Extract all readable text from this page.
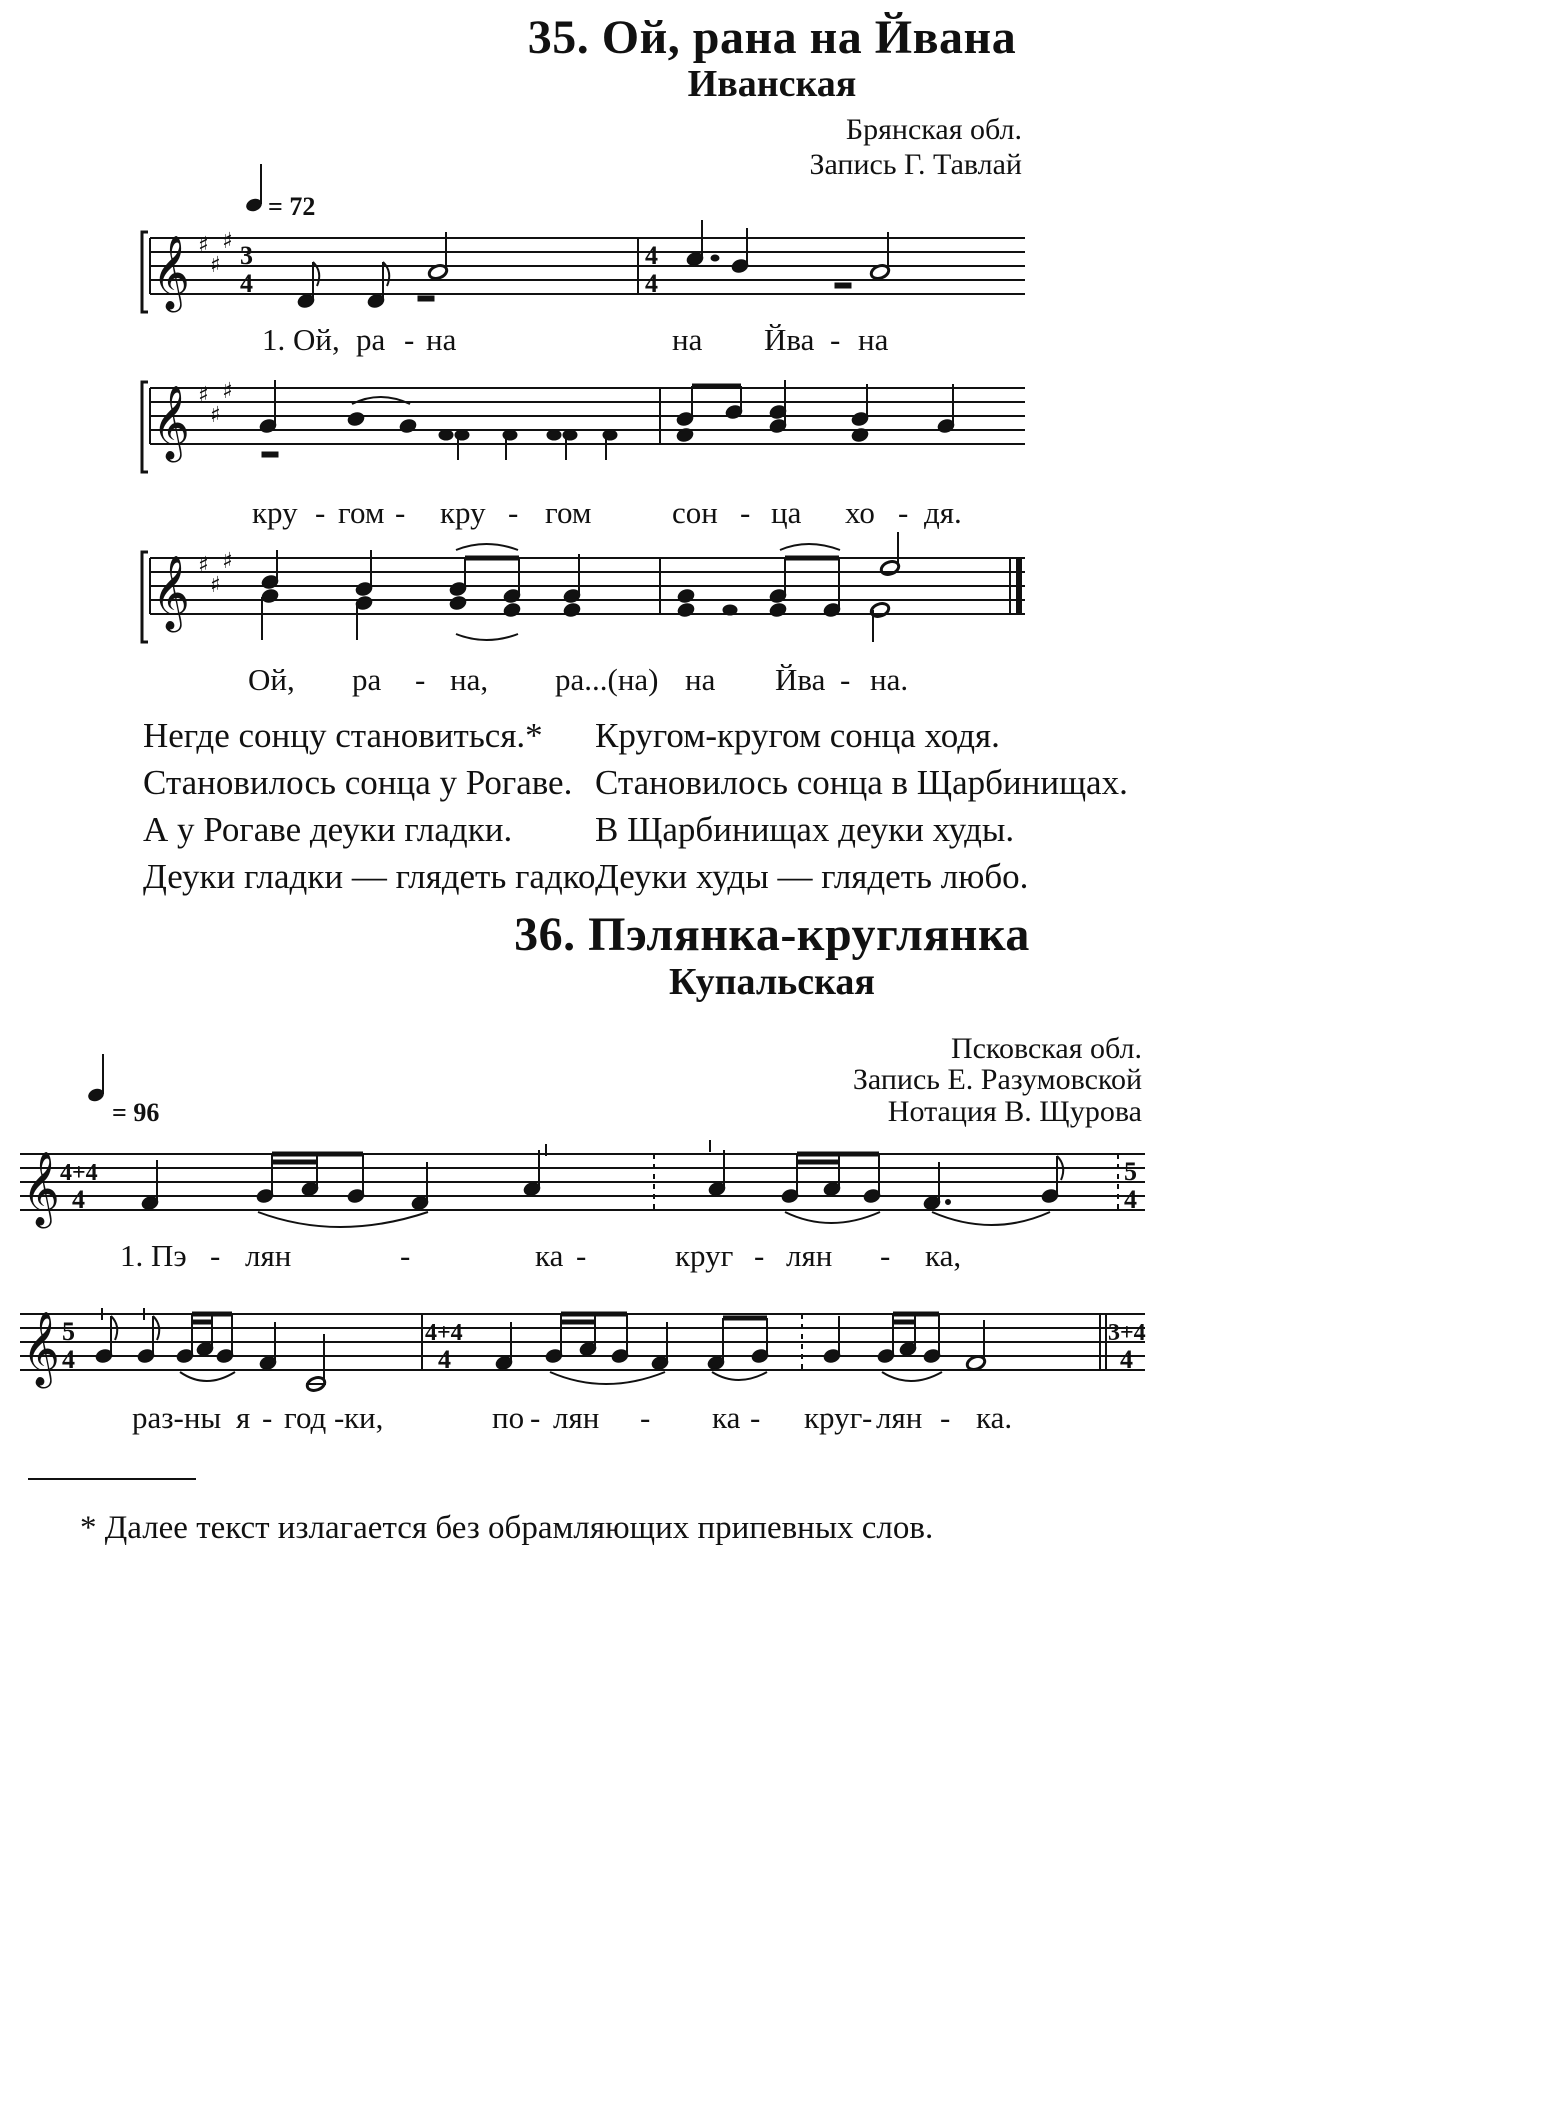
35. Ой, рана на Йвана
Иванская
Брянская обл.
Запись Г. Тавлай
= 72
𝄞 ♯
♯
♯ 3
4
4
4
1. Ой, ра - на	на Йва - на
𝄞 ♯
♯
♯
кру - гом - кру - гом	сон - ца хо - дя.
𝄞 ♯
♯
♯
Ой, ра - на, ра...(на) на Йва - на.
Негде сонцу становиться.*
Становилось сонца у Рогаве.
А у Рогаве деуки гладки.
Деуки гладки — глядеть гадко.
Кругом-кругом сонца ходя.
Становилось сонца в Щарбинищах.
В Щарбинищах деуки худы.
Деуки худы — глядеть любо.
36. Пэлянка-круглянка
Купальская
Псковская обл.
Запись Е. Разумовской
Нотация В. Щурова
= 96
𝄞 4+4
4
5
4
1. Пэ - лян	-	ка -	круг - лян - ка,
𝄞 5
4
4+4
4
3+4
4
раз-ны я - год - ки,	по - лян - ка - круг - лян - ка.
* Далее текст излагается без обрамляющих припевных слов.
